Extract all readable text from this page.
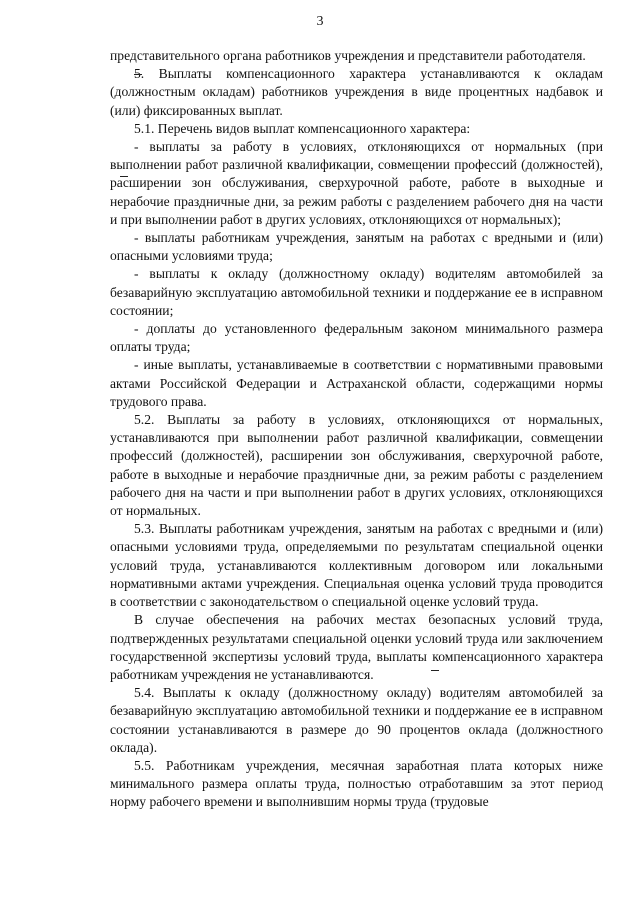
3

представительного органа работников учреждения и представители работодателя.

5. Выплаты компенсационного характера устанавливаются к окладам (должностным окладам) работников учреждения в виде процентных надбавок и (или) фиксированных выплат.

5.1. Перечень видов выплат компенсационного характера:

- выплаты за работу в условиях, отклоняющихся от нормальных (при выполнении работ различной квалификации, совмещении профессий (должностей), расширении зон обслуживания, сверхурочной работе, работе в выходные и нерабочие праздничные дни, за режим работы с разделением рабочего дня на части и при выполнении работ в других условиях, отклоняющихся от нормальных);

- выплаты работникам учреждения, занятым на работах с вредными и (или) опасными условиями труда;

- выплаты к окладу (должностному окладу) водителям автомобилей за безаварийную эксплуатацию автомобильной техники и поддержание ее в исправном состоянии;

- доплаты до установленного федеральным законом минимального размера оплаты труда;

- иные выплаты, устанавливаемые в соответствии с нормативными правовыми актами Российской Федерации и Астраханской области, содержащими нормы трудового права.

5.2. Выплаты за работу в условиях, отклоняющихся от нормальных, устанавливаются при выполнении работ различной квалификации, совмещении профессий (должностей), расширении зон обслуживания, сверхурочной работе, работе в выходные и нерабочие праздничные дни, за режим работы с разделением рабочего дня на части и при выполнении работ в других условиях, отклоняющихся от нормальных.

5.3. Выплаты работникам учреждения, занятым на работах с вредными и (или) опасными условиями труда, определяемыми по результатам специальной оценки условий труда, устанавливаются коллективным договором или локальными нормативными актами учреждения. Специальная оценка условий труда проводится в соответствии с законодательством о специальной оценке условий труда.

В случае обеспечения на рабочих местах безопасных условий труда, подтвержденных результатами специальной оценки условий труда или заключением государственной экспертизы условий труда, выплаты компенсационного характера работникам учреждения не устанавливаются.

5.4. Выплаты к окладу (должностному окладу) водителям автомобилей за безаварийную эксплуатацию автомобильной техники и поддержание ее в исправном состоянии устанавливаются в размере до 90 процентов оклада (должностного оклада).

5.5. Работникам учреждения, месячная заработная плата которых ниже минимального размера оплаты труда, полностью отработавшим за этот период норму рабочего времени и выполнившим нормы труда (трудовые
